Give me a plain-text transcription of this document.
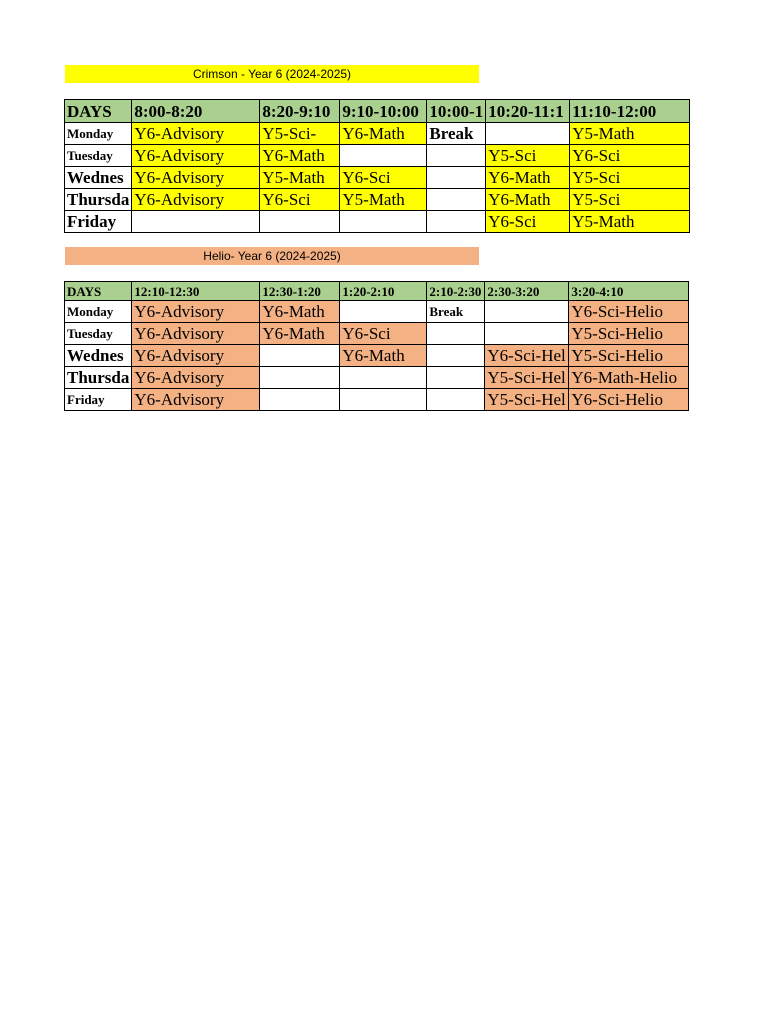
Crimson - Year 6 (2024-2025)
DAYS	8:00-8:20	8:20-9:10	9:10-10:00	10:00-1	10:20-11:1	11:10-12:00
Monday	Y6-Advisory	Y5-Sci-	Y6-Math	Break		Y5-Math
Tuesday	Y6-Advisory	Y6-Math			Y5-Sci	Y6-Sci
Wednes	Y6-Advisory	Y5-Math	Y6-Sci		Y6-Math	Y5-Sci
Thursda	Y6-Advisory	Y6-Sci	Y5-Math		Y6-Math	Y5-Sci
Friday					Y6-Sci	Y5-Math
Helio- Year 6 (2024-2025)
DAYS	12:10-12:30	12:30-1:20	1:20-2:10	2:10-2:30	2:30-3:20	3:20-4:10
Monday	Y6-Advisory	Y6-Math		Break		Y6-Sci-Helio
Tuesday	Y6-Advisory	Y6-Math	Y6-Sci			Y5-Sci-Helio
Wednes	Y6-Advisory		Y6-Math		Y6-Sci-Hel	Y5-Sci-Helio
Thursda	Y6-Advisory				Y5-Sci-Hel	Y6-Math-Helio
Friday	Y6-Advisory				Y5-Sci-Hel	Y6-Sci-Helio
